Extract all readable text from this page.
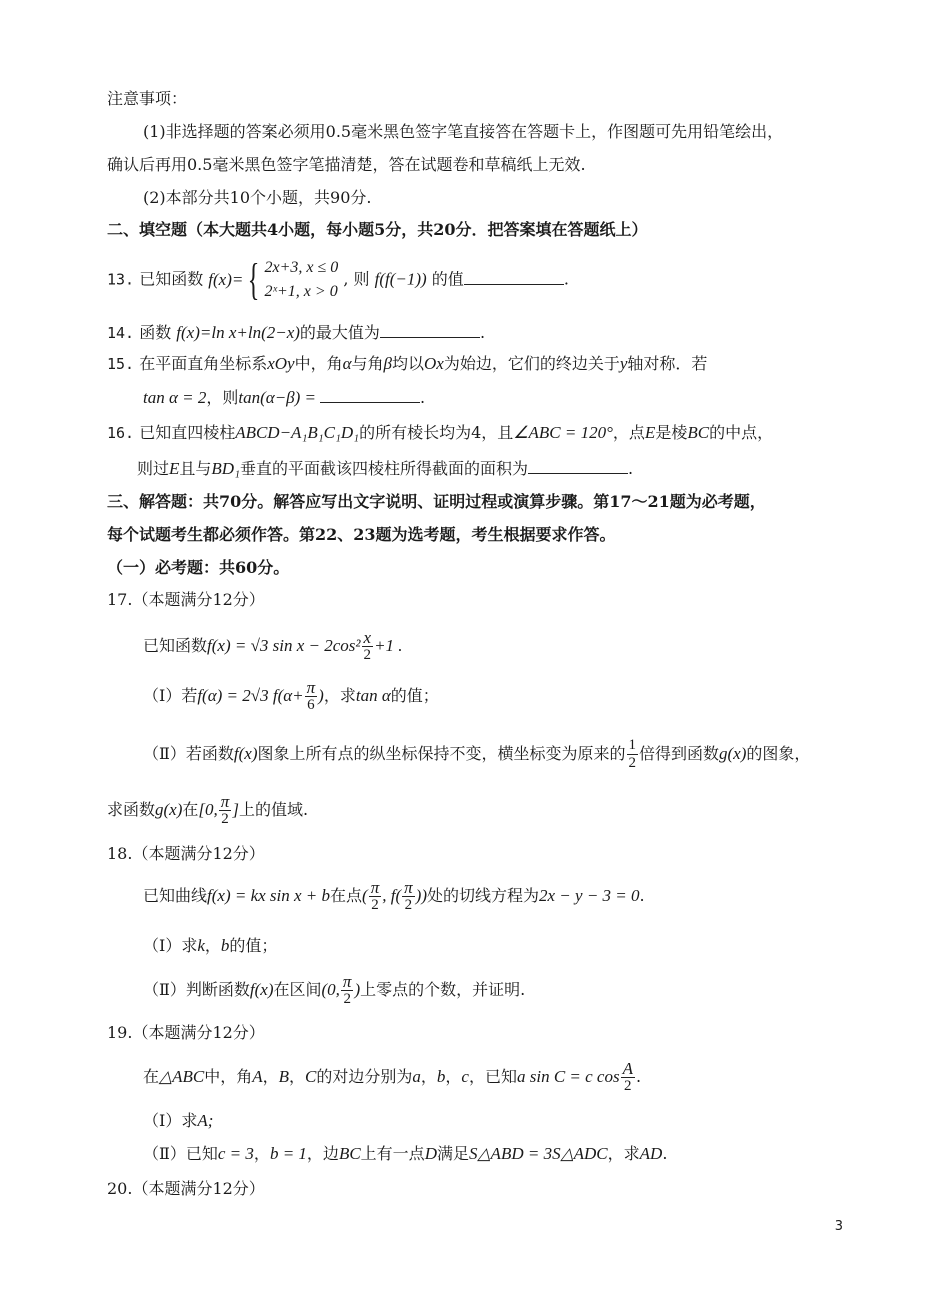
注意事项：
(1)非选择题的答案必须用0.5毫米黑色签字笔直接答在答题卡上，作图题可先用铅笔绘出，
确认后再用0.5毫米黑色签字笔描清楚，答在试题卷和草稿纸上无效.
(2)本部分共10个小题，共90分.
二、填空题（本大题共4小题，每小题5分，共20分．把答案填在答题纸上）
13. 已知函数 f(x)= { 2x+3, x ≤ 0
2ˣ+1, x > 0
, 则 f(f(−1)) 的值	.
14. 函数 f(x)=ln x+ln(2−x)的最大值为	.
15. 在平面直角坐标系xOy中，角α与角β均以Ox为始边，它们的终边关于y轴对称．若
tan α = 2，则tan(α−β) =	.
16. 已知直四棱柱ABCD−A₁B₁C₁D₁的所有棱长均为4，且∠ABC = 120°，点E是棱BC的中点，
则过E且与BD₁垂直的平面截该四棱柱所得截面的面积为	.
三、解答题：共70分。解答应写出文字说明、证明过程或演算步骤。第17～21题为必考题，
每个试题考生都必须作答。第22、23题为选考题，考生根据要求作答。
（一）必考题：共60分。
17.（本题满分12分）
已知函数f(x) = √3 $\sin x - 2\cos^2 \frac{x}{2} +1$ .
（Ⅰ）若f(α) = 2√3 $f(\alpha+ \frac{\pi}{6}$ )，求tan α的值；
（Ⅱ）若函数f(x)图象上所有点的纵坐标保持不变，横坐标变为原来的 $\frac{1}{2}$ 倍得到函数g(x)的图象，
求函数g(x)在[0, $\frac{\pi}{2}$ ]上的值域.
18.（本题满分12分）
已知曲线f(x) = kx sin x + b在点( $\frac{\pi}{2}$ , $f( \frac{\pi}{2}$ ))处的切线方程为2x − y − 3 = 0.
（Ⅰ）求k，b的值；
（Ⅱ）判断函数f(x)在区间(0, $\frac{\pi}{2}$ )上零点的个数，并证明.
19.（本题满分12分）
在△ABC中，角A，B，C的对边分别为a，b，c，已知a sin C = c $\cos \frac{A}{2}$ .
（Ⅰ）求A;
（Ⅱ）已知c = 3，b = 1，边BC上有一点D满足S△ABD = 3S△ADC，求AD.
20.（本题满分12分）
3
